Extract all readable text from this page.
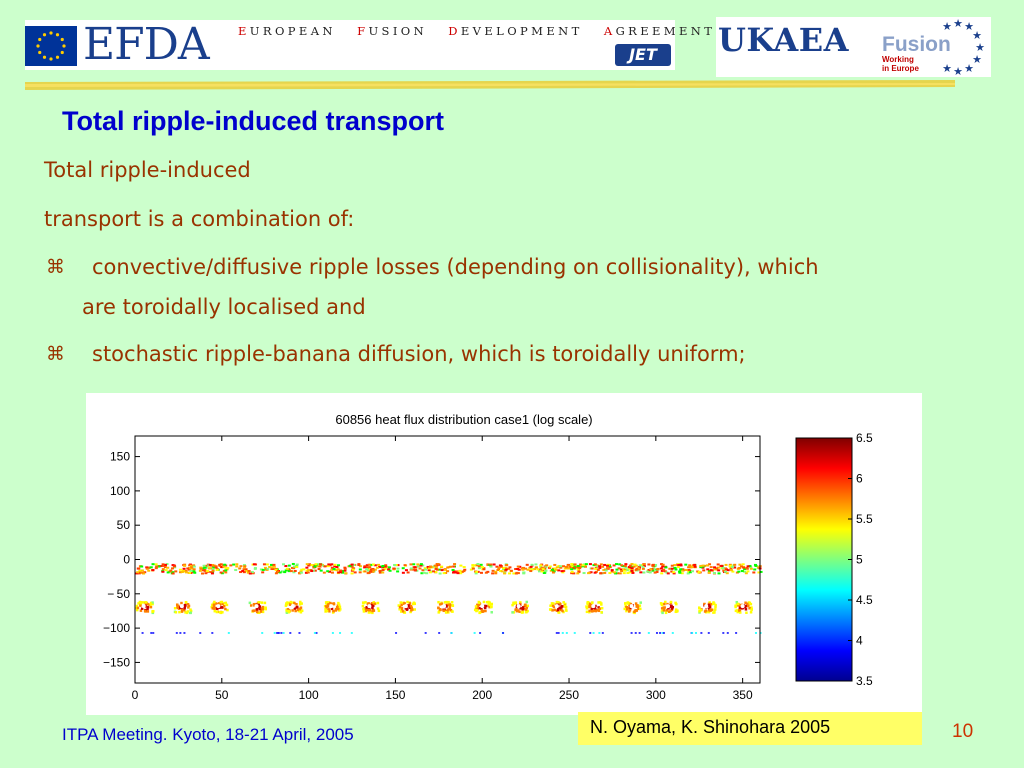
EFDA	EUROPEAN FUSION DEVELOPMENT AGREEMENT
JET	UKAEA Fusion
Working
in Europe
★ ★
★
★
★
★
★
★
★
Total ripple-induced transport
Total ripple-induced
transport is a combination of:
⌘ convective/diffusive ripple losses (depending on collisionality), which
are toroidally localised and
⌘ stochastic ripple-banana diffusion, which is toroidally uniform;
60856 heat flux distribution case1 (log scale)
0	50	100	150	200	250	300	350
150
100
50
0
− 50
−100
−150
6.5
6
5.5
5
4.5
4
3.5
ITPA Meeting. Kyoto, 18-21 April, 2005	N. Oyama, K. Shinohara 2005	10
